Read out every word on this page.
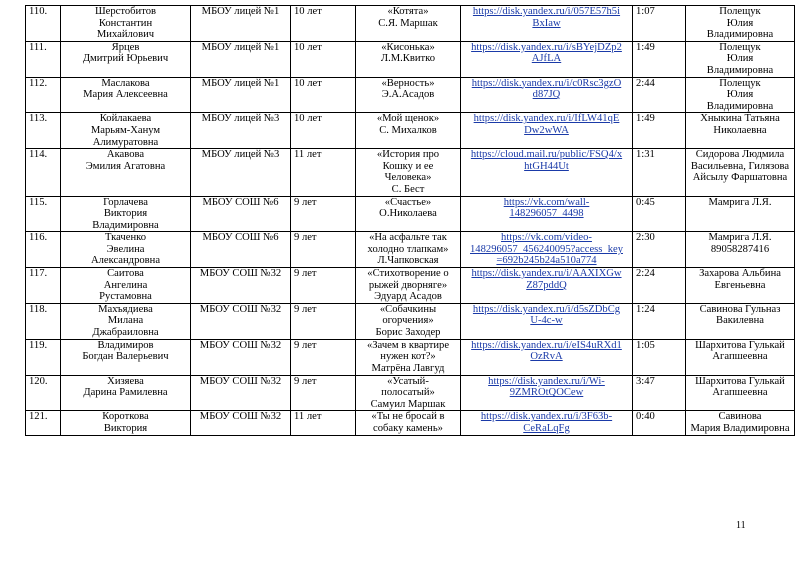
110.	Шерстобитов
Константин
Михайлович	МБОУ лицей №1	10 лет	«Котята»
С.Я. Маршак	https://disk.yandex.ru/i/057E57h5i
BxIaw	1:07	Полещук
Юлия
Владимировна

111.	Ярцев
Дмитрий Юрьевич	МБОУ лицей №1	10 лет	«Кисонька»
Л.М.Квитко	https://disk.yandex.ru/i/sBYejDZp2
AJfLA	1:49	Полещук
Юлия
Владимировна

112.	Маслакова
Мария Алексеевна	МБОУ лицей №1	10 лет	«Верность»
Э.А.Асадов	https://disk.yandex.ru/i/c0Rsc3gzO
d87JQ	2:44	Полещук
Юлия
Владимировна

113.	Койлакаева
Марьям-Ханум
Алимуратовна	МБОУ лицей №3	10 лет	«Мой щенок»
С. Михалков	https://disk.yandex.ru/i/IfLW41qE
Dw2wWA	1:49	Хныкина Татьяна
Николаевна

114.	Акавова
Эмилия Агатовна	МБОУ лицей №3	11 лет	«История про
Кошку и ее
Человека»
С. Бест	https://cloud.mail.ru/public/FSQ4/x
htGH44Ut	1:31	Сидорова Людмила
Васильевна, Гилязова
Айсылу Фаршатовна

115.	Горлачева
Виктория
Владимировна	МБОУ СОШ №6	9 лет	«Счастье»
О.Николаева	https://vk.com/wall-
148296057_4498	0:45	Мамрига Л.Я.

116.	Ткаченко
Эвелина
Александровна	МБОУ СОШ №6	9 лет	«На асфальте так
холодно тлапкам»
Л.Чапковская	https://vk.com/video-
148296057_456240095?access_key
=692b245b24a510a774	2:30	Мамрига Л.Я.
89058287416

117.	Саитова
Ангелина
Рустамовна	МБОУ СОШ №32	9 лет	«Стихотворение о
рыжей дворняге»
Эдуард Асадов	https://disk.yandex.ru/i/AAXIXGw
Z87pddQ	2:24	Захарова Альбина
Евгеньевна

118.	Махъядиева
Милана
Джабраиловна	МБОУ СОШ №32	9 лет	«Собачкины
огорчения»
Борис Заходер	https://disk.yandex.ru/i/d5sZDbCg
U-4c-w	1:24	Савинова Гульназ
Вакилевна

119.	Владимиров
Богдан Валерьевич	МБОУ СОШ №32	9 лет	«Зачем в квартире
нужен кот?»
Матрёна Лавгуд	https://disk.yandex.ru/i/eIS4uRXd1
OzRvA	1:05	Шархитова Гулькай
Агапшеевна

120.	Хизяева
Дарина Рамилевна	МБОУ СОШ №32	9 лет	«Усатый-
полосатый»
Самуил Маршак	https://disk.yandex.ru/i/Wi-
9ZMROtQOCew	3:47	Шархитова Гулькай
Агапшеевна

121.	Короткова
Виктория	МБОУ СОШ №32	11 лет	«Ты не бросай в
собаку камень»	https://disk.yandex.ru/i/3F63b-
CeRaLqFg	0:40	Савинова
Мария Владимировна
11
